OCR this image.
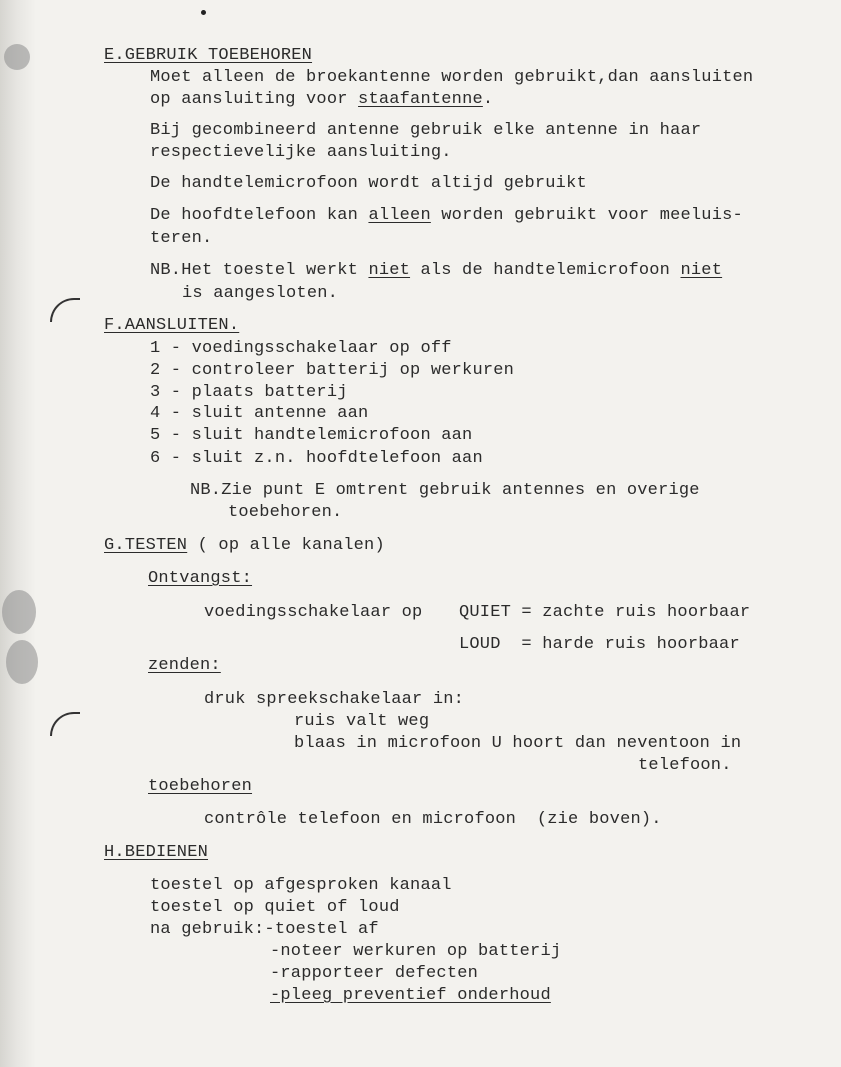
E.GEBRUIK TOEBEHOREN
Moet alleen de broekantenne worden gebruikt,dan aansluiten
op aansluiting voor staafantenne.
Bij gecombineerd antenne gebruik elke antenne in haar
respectievelijke aansluiting.
De handtelemicrofoon wordt altijd gebruikt
De hoofdtelefoon kan alleen worden gebruikt voor meeluis-
teren.
NB.Het toestel werkt niet als de handtelemicrofoon niet
is aangesloten.
F.AANSLUITEN.
1 - voedingsschakelaar op off
2 - controleer batterij op werkuren
3 - plaats batterij
4 - sluit antenne aan
5 - sluit handtelemicrofoon aan
6 - sluit z.n. hoofdtelefoon aan
NB.Zie punt E omtrent gebruik antennes en overige
toebehoren.
G.TESTEN ( op alle kanalen)
Ontvangst:
voedingsschakelaar op QUIET = zachte ruis hoorbaar
LOUD  = harde ruis hoorbaar
zenden:
druk spreekschakelaar in:
ruis valt weg
blaas in microfoon U hoort dan neventoon in
telefoon.
toebehoren
contrôle telefoon en microfoon  (zie boven).
H.BEDIENEN
toestel op afgesproken kanaal
toestel op quiet of loud
na gebruik:-toestel af
-noteer werkuren op batterij
-rapporteer defecten
-pleeg preventief onderhoud
